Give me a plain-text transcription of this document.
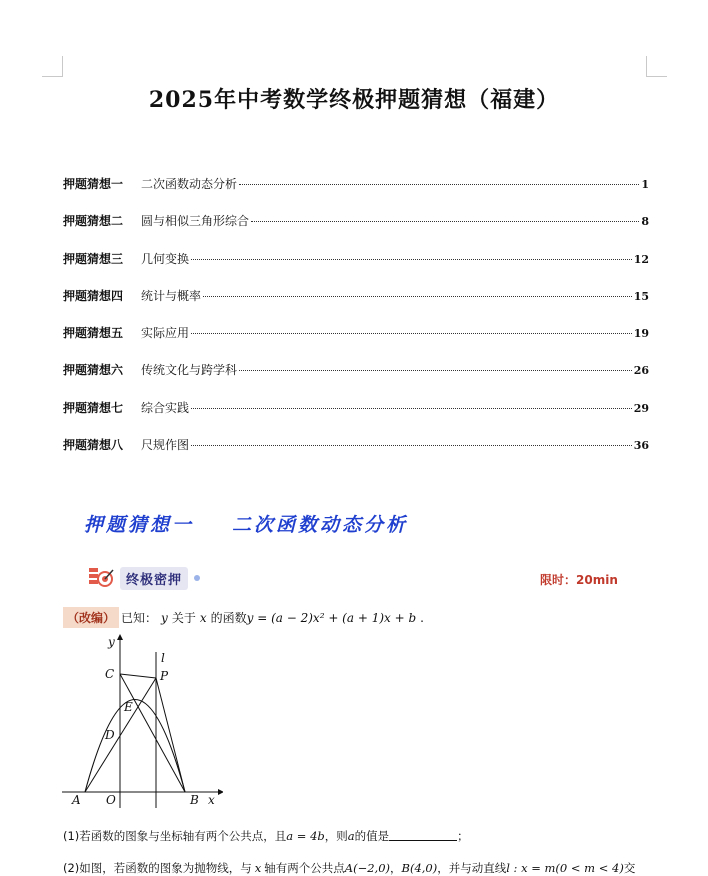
2025年中考数学终极押题猜想（福建）
押题猜想一	二次函数动态分析	1
押题猜想二	圆与相似三角形综合	8
押题猜想三	几何变换	12
押题猜想四	统计与概率	15
押题猜想五	实际应用	19
押题猜想六	传统文化与跨学科	26
押题猜想七	综合实践	29
押题猜想八	尺规作图	36
押题猜想一 二次函数动态分析
终极密押	限时：20min
（改编） 已知： y 关于 x 的函数 y = (a − 2)x² + (a + 1)x + b .
y
l
C	P
E
D
A O	B x
(1)若函数的图象与坐标轴有两个公共点，且a = 4b，则a的值是	；
(2)如图，若函数的图象为抛物线，与 x 轴有两个公共点A(−2,0)，B(4,0)，并与动直线l : x = m(0 < m < 4)交
